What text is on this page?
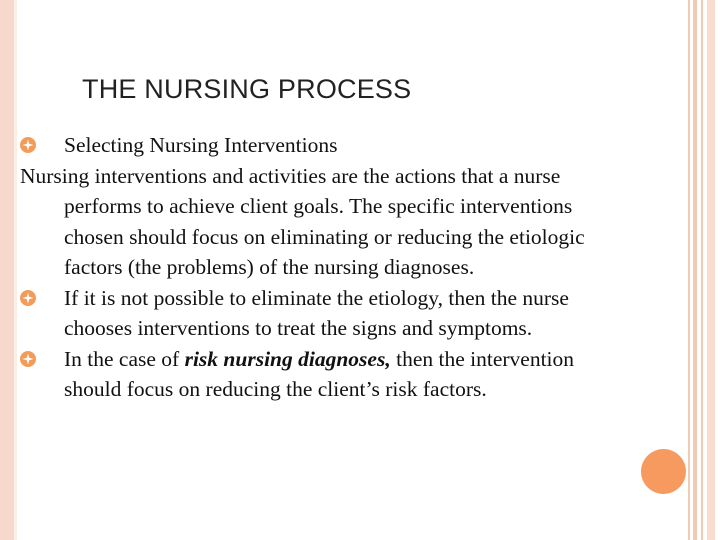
THE NURSING PROCESS
Selecting Nursing Interventions
Nursing interventions and activities are the actions that a nurse performs to achieve client goals. The specific interventions chosen should focus on eliminating or reducing the etiologic factors (the problems) of the nursing diagnoses.
If it is not possible to eliminate the etiology, then the nurse chooses interventions to treat the signs and symptoms.
In the case of risk nursing diagnoses, then the intervention should focus on reducing the client’s risk factors.
